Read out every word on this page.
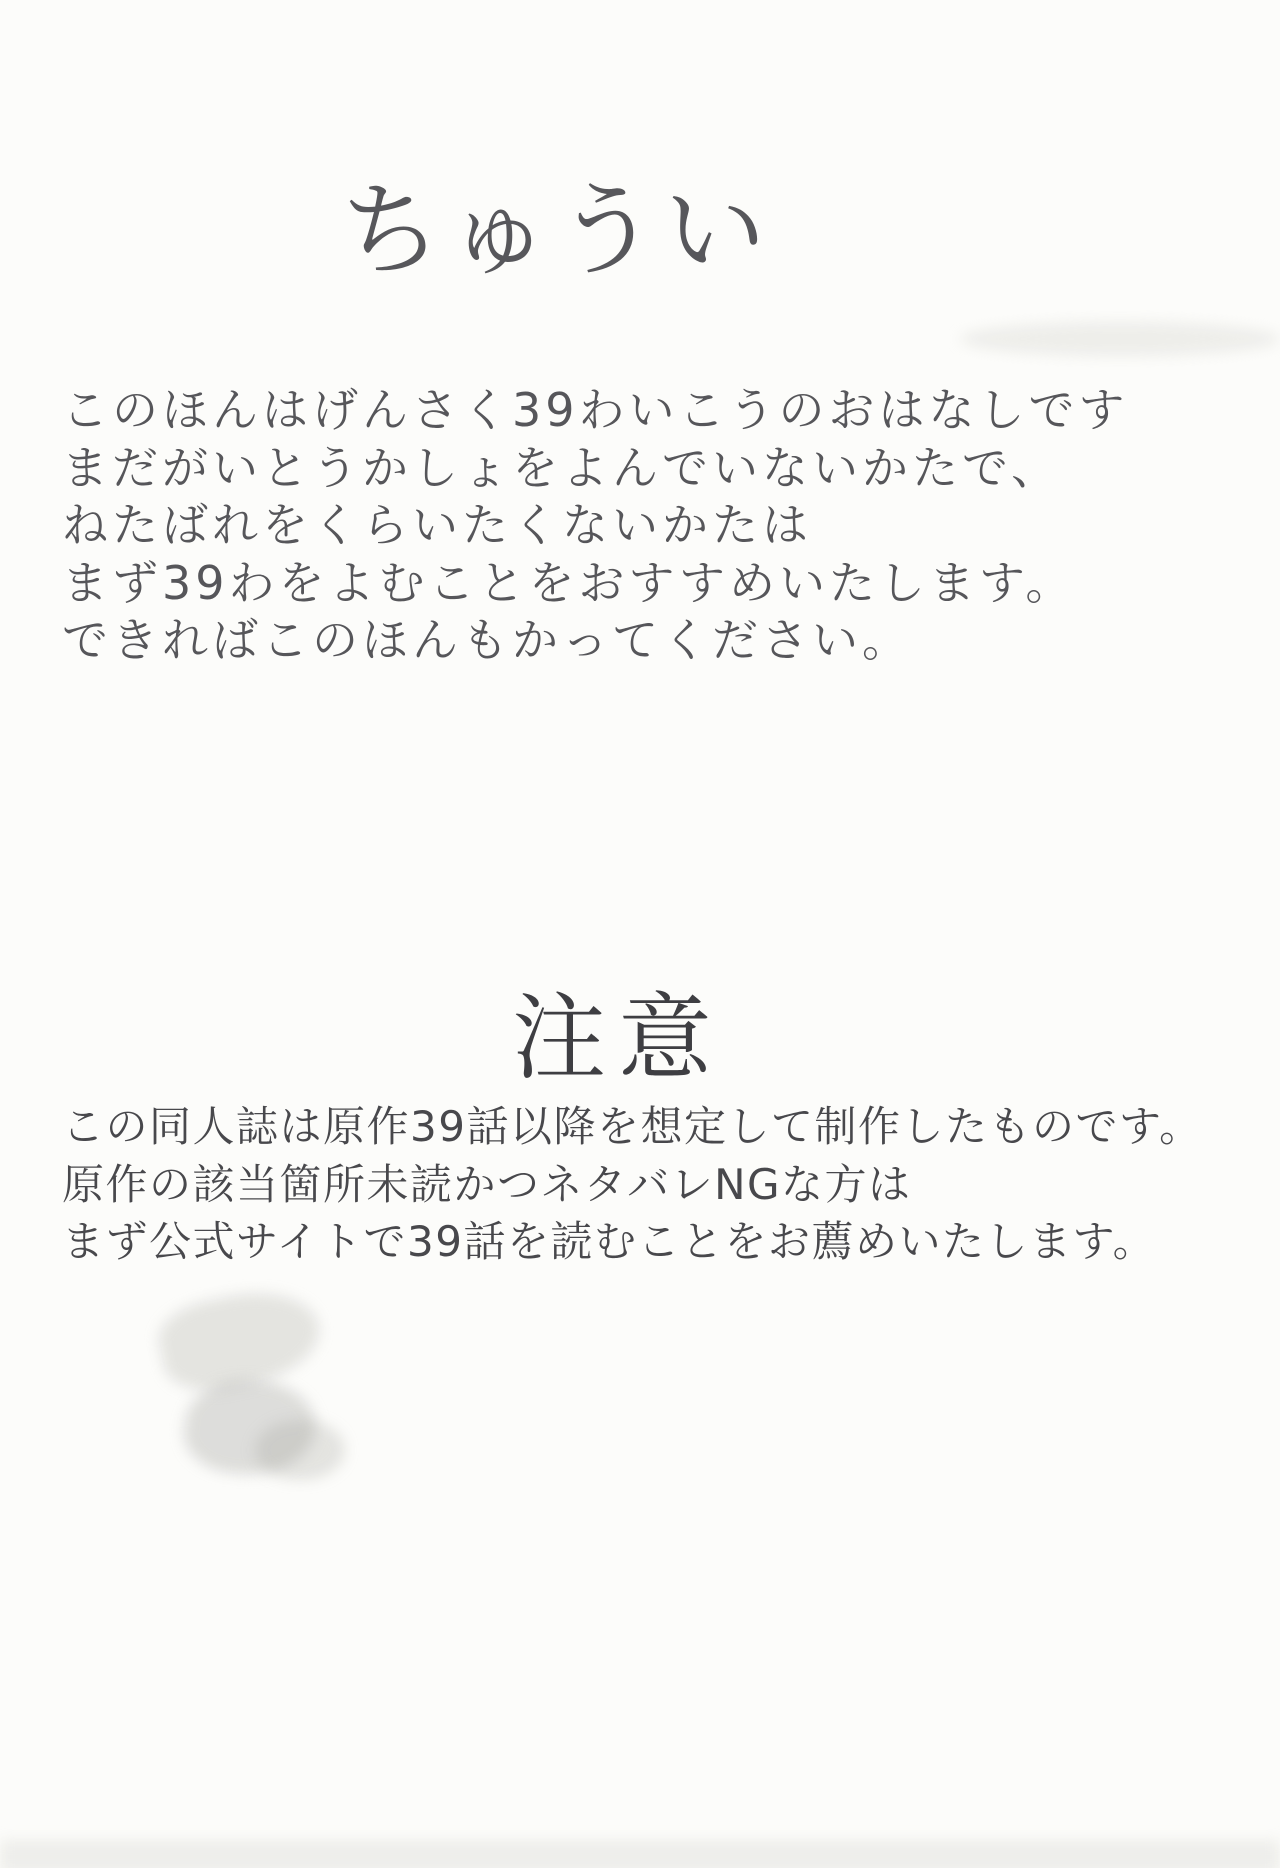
ちゅうい
このほんはげんさく39わいこうのおはなしです
まだがいとうかしょをよんでいないかたで、
ねたばれをくらいたくないかたは
まず39わをよむことをおすすめいたします。
できればこのほんもかってください。
注意
この同人誌は原作39話以降を想定して制作したものです。
原作の該当箇所未読かつネタバレNGな方は
まず公式サイトで39話を読むことをお薦めいたします。
